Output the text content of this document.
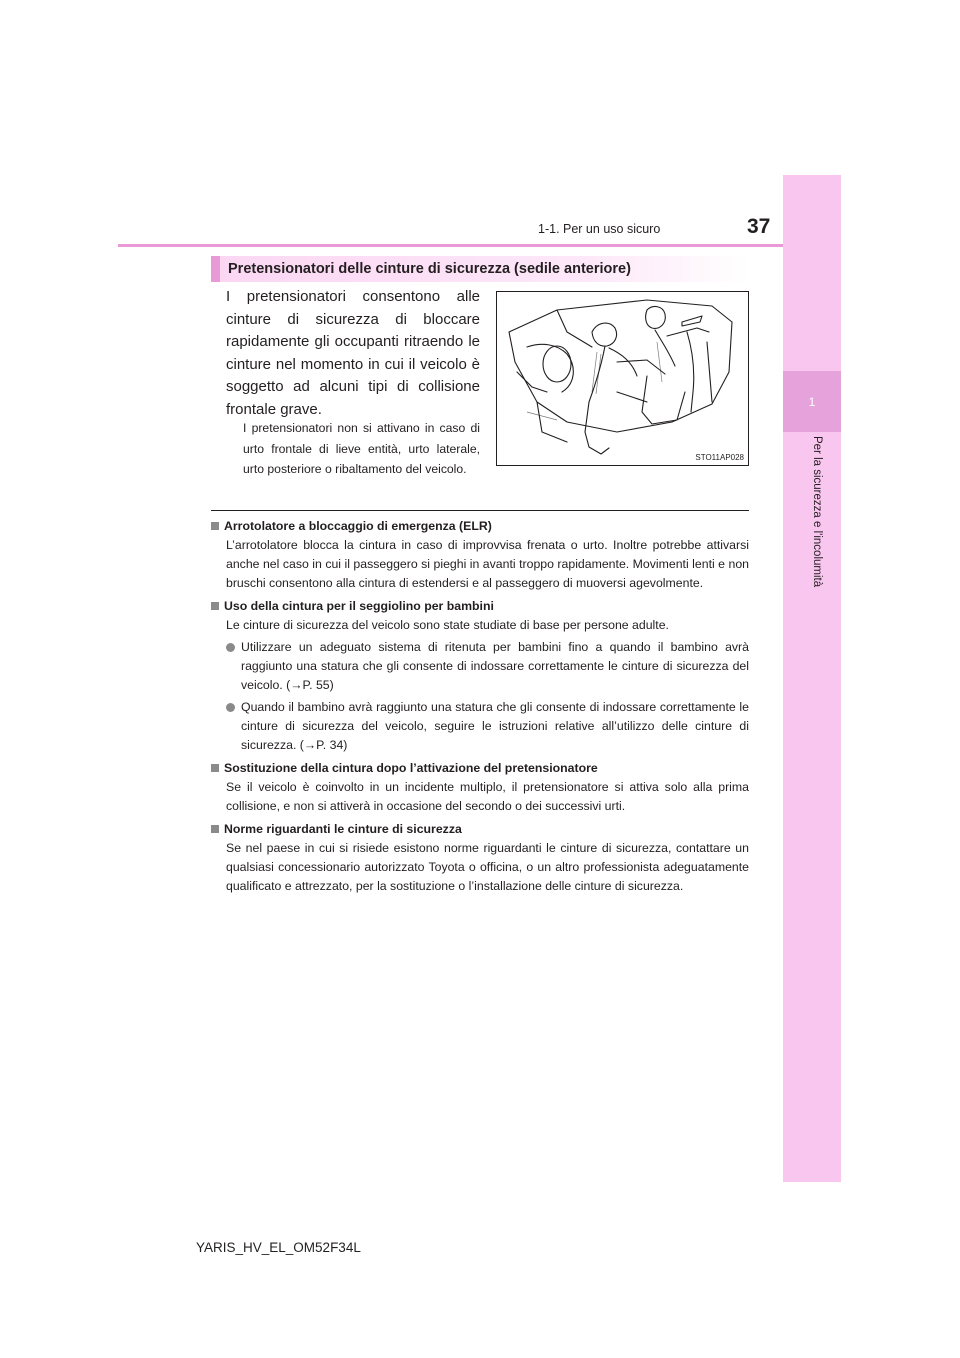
1-1. Per un uso sicuro	37
1
Per la sicurezza e l'incolumità
Pretensionatori delle cinture di sicurezza (sedile anteriore)
I pretensionatori consentono alle cinture di sicurezza di bloccare rapidamente gli occupanti ritraendo le cinture nel momento in cui il veicolo è soggetto ad alcuni tipi di collisione frontale grave.
I pretensionatori non si attivano in caso di urto frontale di lieve entità, urto laterale, urto posteriore o ribaltamento del veicolo.
STO11AP028
Arrotolatore a bloccaggio di emergenza (ELR)
L’arrotolatore blocca la cintura in caso di improvvisa frenata o urto. Inoltre potrebbe attivarsi anche nel caso in cui il passeggero si pieghi in avanti troppo rapidamente. Movimenti lenti e non bruschi consentono alla cintura di estendersi e al passeggero di muoversi agevolmente.
Uso della cintura per il seggiolino per bambini
Le cinture di sicurezza del veicolo sono state studiate di base per persone adulte.
Utilizzare un adeguato sistema di ritenuta per bambini fino a quando il bambino avrà raggiunto una statura che gli consente di indossare correttamente le cinture di sicurezza del veicolo. (→P. 55)
Quando il bambino avrà raggiunto una statura che gli consente di indossare correttamente le cinture di sicurezza del veicolo, seguire le istruzioni relative all’utilizzo delle cinture di sicurezza. (→P. 34)
Sostituzione della cintura dopo l’attivazione del pretensionatore
Se il veicolo è coinvolto in un incidente multiplo, il pretensionatore si attiva solo alla prima collisione, e non si attiverà in occasione del secondo o dei successivi urti.
Norme riguardanti le cinture di sicurezza
Se nel paese in cui si risiede esistono norme riguardanti le cinture di sicurezza, contattare un qualsiasi concessionario autorizzato Toyota o officina, o un altro professionista adeguatamente qualificato e attrezzato, per la sostituzione o l’installazione delle cinture di sicurezza.
YARIS_HV_EL_OM52F34L
